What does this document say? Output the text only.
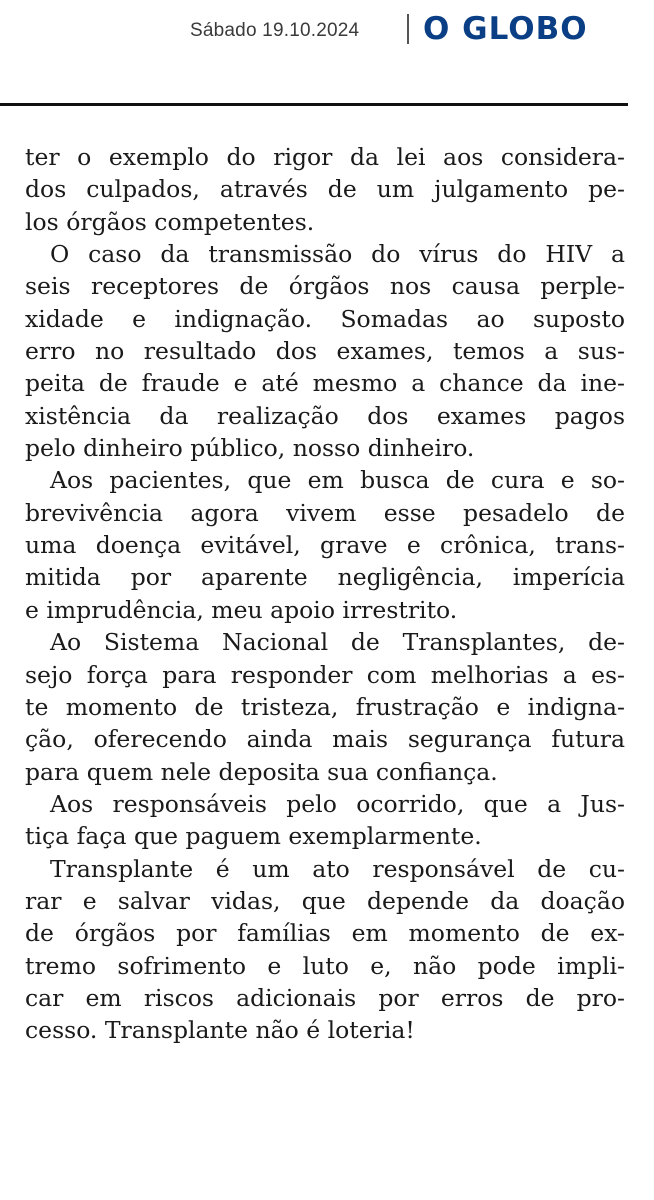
Sábado 19.10.2024	O GLOBO
ter o exemplo do rigor da lei aos considera-
dos culpados, através de um julgamento pe-
los órgãos competentes.
O caso da transmissão do vírus do HIV a
seis receptores de órgãos nos causa perple-
xidade e indignação. Somadas ao suposto
erro no resultado dos exames, temos a sus-
peita de fraude e até mesmo a chance da ine-
xistência da realização dos exames pagos
pelo dinheiro público, nosso dinheiro.
Aos pacientes, que em busca de cura e so-
brevivência agora vivem esse pesadelo de
uma doença evitável, grave e crônica, trans-
mitida por aparente negligência, imperícia
e imprudência, meu apoio irrestrito.
Ao Sistema Nacional de Transplantes, de-
sejo força para responder com melhorias a es-
te momento de tristeza, frustração e indigna-
ção, oferecendo ainda mais segurança futura
para quem nele deposita sua confiança.
Aos responsáveis pelo ocorrido, que a Jus-
tiça faça que paguem exemplarmente.
Transplante é um ato responsável de cu-
rar e salvar vidas, que depende da doação
de órgãos por famílias em momento de ex-
tremo sofrimento e luto e, não pode impli-
car em riscos adicionais por erros de pro-
cesso. Transplante não é loteria!
